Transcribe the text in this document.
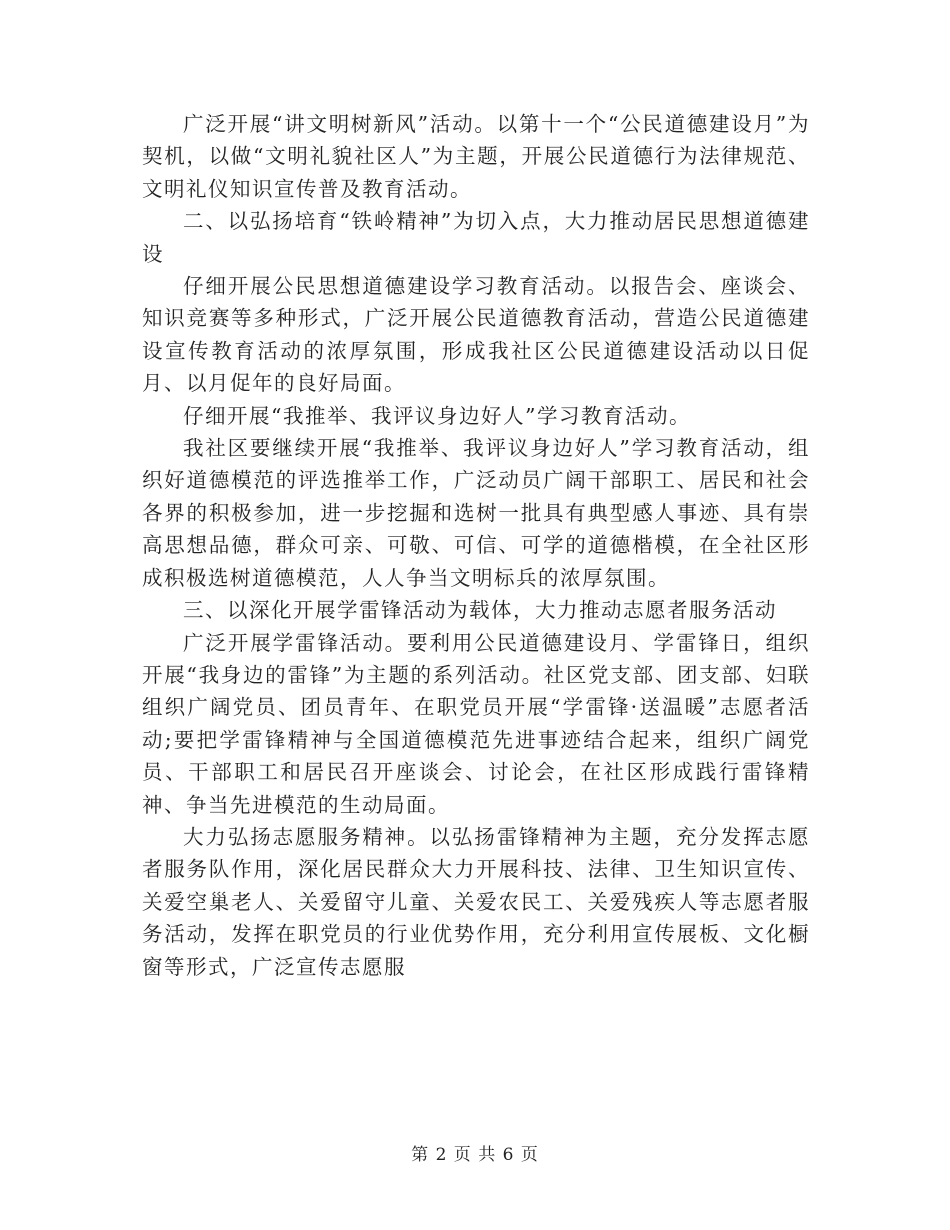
广泛开展“讲文明树新风”活动。以第十一个“公民道德建设月”为契机，以做“文明礼貌社区人”为主题，开展公民道德行为法律规范、文明礼仪知识宣传普及教育活动。

二、以弘扬培育“铁岭精神”为切入点，大力推动居民思想道德建设

仔细开展公民思想道德建设学习教育活动。以报告会、座谈会、知识竞赛等多种形式，广泛开展公民道德教育活动，营造公民道德建设宣传教育活动的浓厚氛围，形成我社区公民道德建设活动以日促月、以月促年的良好局面。

仔细开展“我推举、我评议身边好人”学习教育活动。

我社区要继续开展“我推举、我评议身边好人”学习教育活动，组织好道德模范的评选推举工作，广泛动员广阔干部职工、居民和社会各界的积极参加，进一步挖掘和选树一批具有典型感人事迹、具有崇高思想品德，群众可亲、可敬、可信、可学的道德楷模，在全社区形成积极选树道德模范，人人争当文明标兵的浓厚氛围。

三、以深化开展学雷锋活动为载体，大力推动志愿者服务活动

广泛开展学雷锋活动。要利用公民道德建设月、学雷锋日，组织开展“我身边的雷锋”为主题的系列活动。社区党支部、团支部、妇联组织广阔党员、团员青年、在职党员开展“学雷锋·送温暖”志愿者活动;要把学雷锋精神与全国道德模范先进事迹结合起来，组织广阔党员、干部职工和居民召开座谈会、讨论会，在社区形成践行雷锋精神、争当先进模范的生动局面。

大力弘扬志愿服务精神。以弘扬雷锋精神为主题，充分发挥志愿者服务队作用，深化居民群众大力开展科技、法律、卫生知识宣传、关爱空巢老人、关爱留守儿童、关爱农民工、关爱残疾人等志愿者服务活动，发挥在职党员的行业优势作用，充分利用宣传展板、文化橱窗等形式，广泛宣传志愿服

第 2 页 共 6 页
